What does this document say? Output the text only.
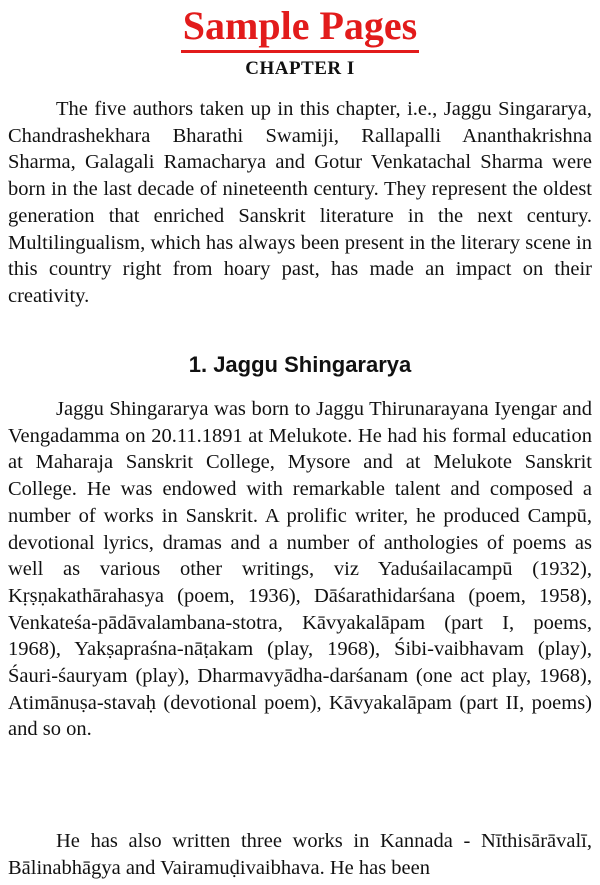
Sample Pages
CHAPTER I

The five authors taken up in this chapter, i.e., Jaggu Singararya, Chandrashekhara Bharathi Swamiji, Rallapalli Ananthakrishna Sharma, Galagali Ramacharya and Gotur Venkatachal Sharma were born in the last decade of nineteenth century. They represent the oldest generation that enriched Sanskrit literature in the next century. Multilingualism, which has always been present in the literary scene in this country right from hoary past, has made an impact on their creativity.

1. Jaggu Shingararya

Jaggu Shingararya was born to Jaggu Thirunarayana Iyengar and Vengadamma on 20.11.1891 at Melukote. He had his formal education at Maharaja Sanskrit College, Mysore and at Melukote Sanskrit College. He was endowed with remarkable talent and composed a number of works in Sanskrit. A prolific writer, he produced Campū, devotional lyrics, dramas and a number of anthologies of poems as well as various other writings, viz Yaduśailacampū (1932), Kṛṣṇakathārahasya (poem, 1936), Dāśarathidarśana (poem, 1958), Venkateśa-pādāvalambana-stotra, Kāvyakalāpam (part I, poems, 1968), Yakṣapraśna-nāṭakam (play, 1968), Śibi-vaibhavam (play), Śauri-śauryam (play), Dharmavyādha-darśanam (one act play, 1968), Atimānuṣa-stavaḥ (devotional poem), Kāvyakalāpam (part II, poems) and so on.

He has also written three works in Kannada - Nīthisārāvalī, Bālinabhāgya and Vairamuḍivaibhava. He has been
